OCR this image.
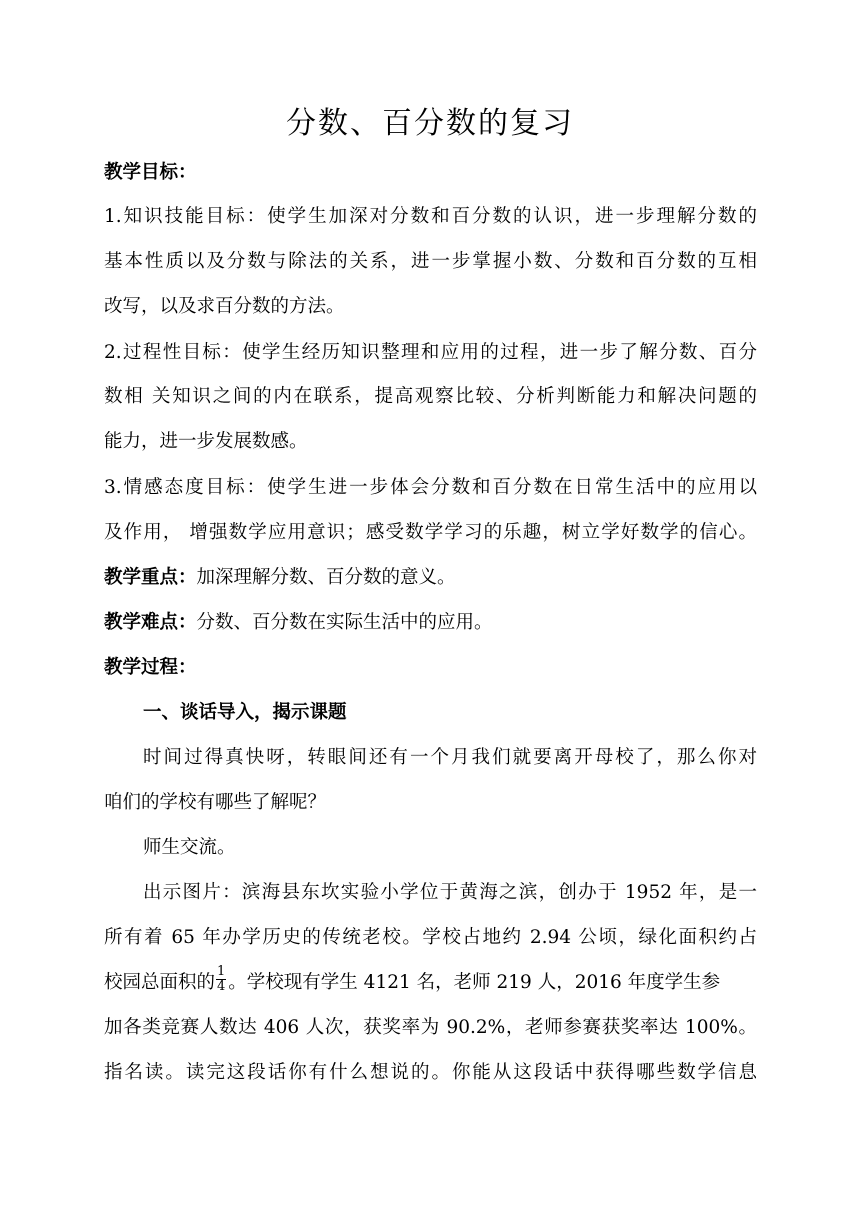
分数、百分数的复习
教学目标：
1.知识技能目标：使学生加深对分数和百分数的认识，进一步理解分数的
基本性质以及分数与除法的关系，进一步掌握小数、分数和百分数的互相
改写，以及求百分数的方法。
2.过程性目标：使学生经历知识整理和应用的过程，进一步了解分数、百分
数相 关知识之间的内在联系，提高观察比较、分析判断能力和解决问题的
能力，进一步发展数感。
3.情感态度目标：使学生进一步体会分数和百分数在日常生活中的应用以
及作用， 增强数学应用意识；感受数学学习的乐趣，树立学好数学的信心。
教学重点：加深理解分数、百分数的意义。
教学难点：分数、百分数在实际生活中的应用。
教学过程：
一、谈话导入，揭示课题
时间过得真快呀，转眼间还有一个月我们就要离开母校了，那么你对
咱们的学校有哪些了解呢？
师生交流。
出示图片：滨海县东坎实验小学位于黄海之滨，创办于 1952 年，是一
所有着 65 年办学历史的传统老校。学校占地约 2.94 公顷，绿化面积约占
校园总面积的 $\frac{1}{4}$ 。学校现有学生 4121 名，老师 219 人，2016 年度学生参
加各类竞赛人数达 406 人次，获奖率为 90.2%，老师参赛获奖率达 100%。
指名读。读完这段话你有什么想说的。你能从这段话中获得哪些数学信息
